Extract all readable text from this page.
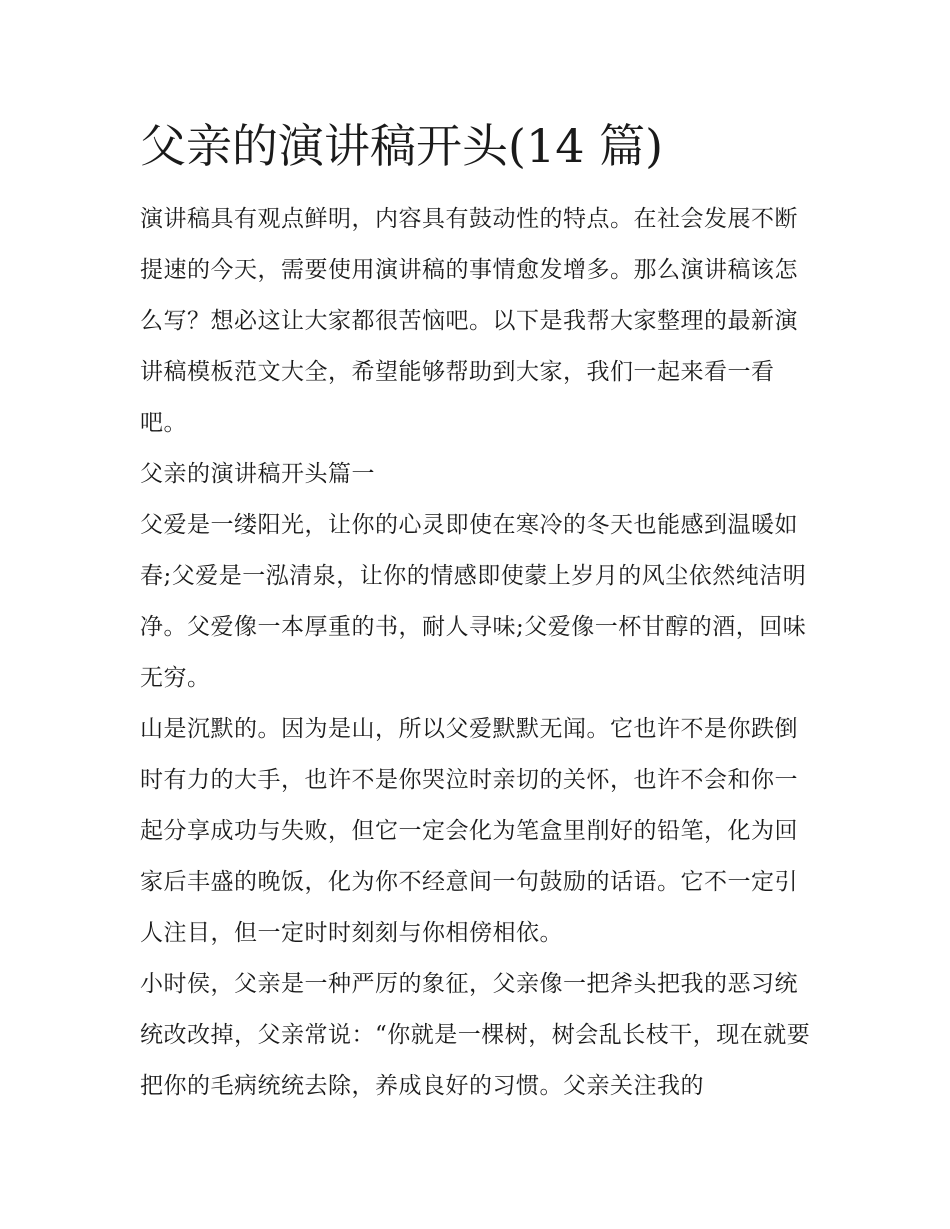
父亲的演讲稿开头(14 篇)

演讲稿具有观点鲜明，内容具有鼓动性的特点。在社会发展不断提速的今天，需要使用演讲稿的事情愈发增多。那么演讲稿该怎么写？想必这让大家都很苦恼吧。以下是我帮大家整理的最新演讲稿模板范文大全，希望能够帮助到大家，我们一起来看一看吧。

父亲的演讲稿开头篇一

父爱是一缕阳光，让你的心灵即使在寒冷的冬天也能感到温暖如春;父爱是一泓清泉，让你的情感即使蒙上岁月的风尘依然纯洁明净。父爱像一本厚重的书，耐人寻味;父爱像一杯甘醇的酒，回味无穷。

山是沉默的。因为是山，所以父爱默默无闻。它也许不是你跌倒时有力的大手，也许不是你哭泣时亲切的关怀，也许不会和你一起分享成功与失败，但它一定会化为笔盒里削好的铅笔，化为回家后丰盛的晚饭，化为你不经意间一句鼓励的话语。它不一定引人注目，但一定时时刻刻与你相傍相依。

小时侯，父亲是一种严厉的象征，父亲像一把斧头把我的恶习统统改改掉，父亲常说：“你就是一棵树，树会乱长枝干，现在就要把你的毛病统统去除，养成良好的习惯。父亲关注我的
